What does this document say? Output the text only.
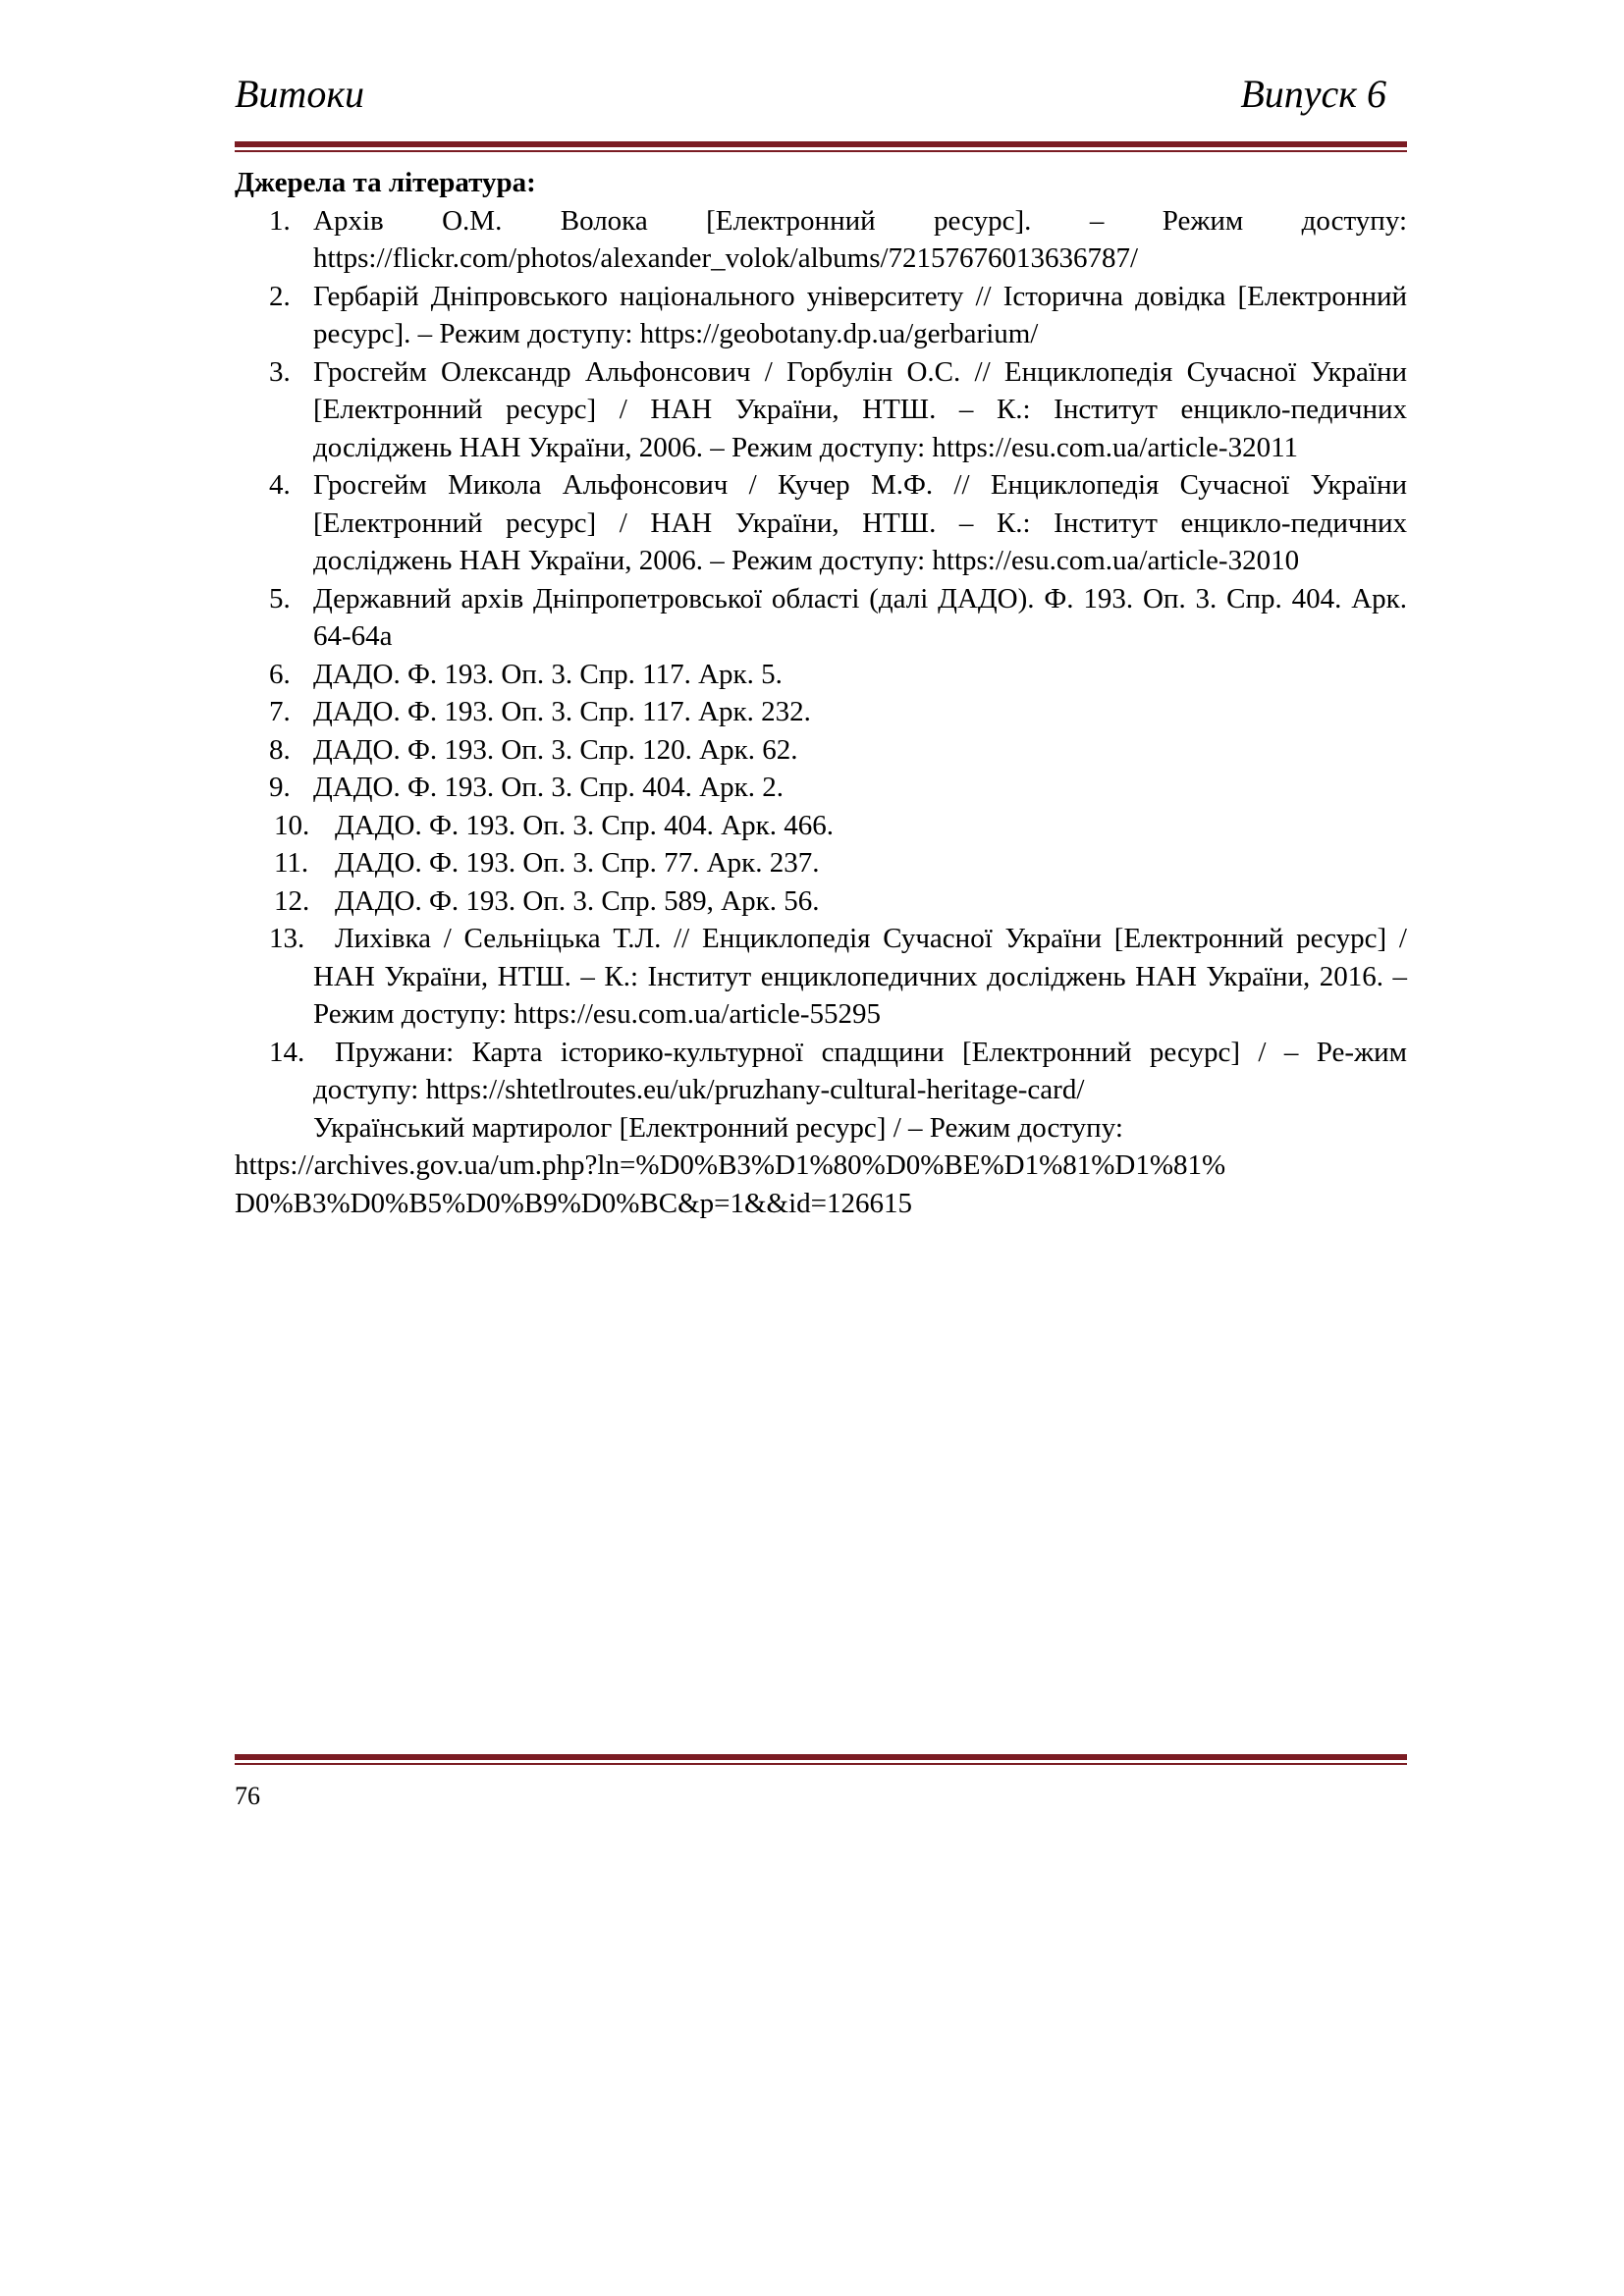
Витоки	Випуск 6

Джерела та література:

1. Архів О.М. Волока [Електронний ресурс]. – Режим доступу: https://flickr.com/photos/alexander_volok/albums/72157676013636787/
2. Гербарій Дніпровського національного університету // Історична довідка [Електронний ресурс]. – Режим доступу: https://geobotany.dp.ua/gerbarium/
3. Гросгейм Олександр Альфонсович / Горбулін О.С. // Енциклопедія Сучасної України [Електронний ресурс] / НАН України, НТШ. – К.: Інститут енцикло-педичних досліджень НАН України, 2006. – Режим доступу: https://esu.com.ua/article-32011
4. Гросгейм Микола Альфонсович / Кучер М.Ф. // Енциклопедія Сучасної України [Електронний ресурс] / НАН України, НТШ. – К.: Інститут енцикло-педичних досліджень НАН України, 2006. – Режим доступу: https://esu.com.ua/article-32010
5. Державний архів Дніпропетровської області (далі ДАДО). Ф. 193. Оп. 3. Спр. 404. Арк. 64-64а
6. ДАДО. Ф. 193. Оп. 3. Спр. 117. Арк. 5.
7. ДАДО. Ф. 193. Оп. 3. Спр. 117. Арк. 232.
8. ДАДО. Ф. 193. Оп. 3. Спр. 120. Арк. 62.
9. ДАДО. Ф. 193. Оп. 3. Спр. 404. Арк. 2.
10. ДАДО. Ф. 193. Оп. 3. Спр. 404. Арк. 466.
11. ДАДО. Ф. 193. Оп. 3. Спр. 77. Арк. 237.
12. ДАДО. Ф. 193. Оп. 3. Спр. 589, Арк. 56.
13.	Лихівка / Сельніцька Т.Л. // Енциклопедія Сучасної України [Електронний ресурс] / НАН України, НТШ. – К.: Інститут енциклопедичних досліджень НАН України, 2016. – Режим доступу: https://esu.com.ua/article-55295
14.	Пружани: Карта історико-культурної спадщини [Електронний ресурс] / – Ре-жим доступу: https://shtetlroutes.eu/uk/pruzhany-cultural-heritage-card/

Український мартиролог [Електронний ресурс] / – Режим доступу:
https://archives.gov.ua/um.php?ln=%D0%B3%D1%80%D0%BE%D1%81%D1%81%
D0%B3%D0%B5%D0%B9%D0%BC&p=1&&id=126615

76
